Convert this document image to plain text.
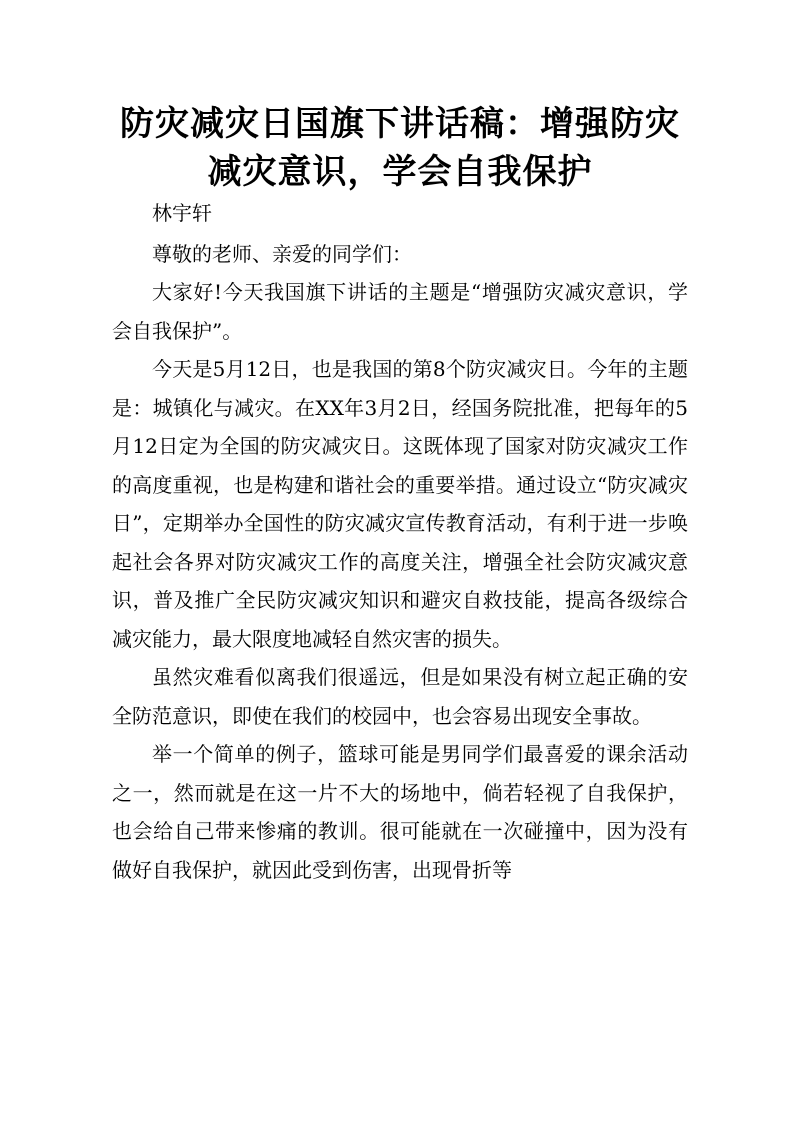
防灾减灾日国旗下讲话稿：增强防灾减灾意识，学会自我保护

林宇轩

尊敬的老师、亲爱的同学们：

大家好!今天我国旗下讲话的主题是“增强防灾减灾意识，学会自我保护”。

今天是5月12日，也是我国的第8个防灾减灾日。今年的主题是：城镇化与减灾。在XX年3月2日，经国务院批准，把每年的5月12日定为全国的防灾减灾日。这既体现了国家对防灾减灾工作的高度重视，也是构建和谐社会的重要举措。通过设立“防灾减灾日”，定期举办全国性的防灾减灾宣传教育活动，有利于进一步唤起社会各界对防灾减灾工作的高度关注，增强全社会防灾减灾意识，普及推广全民防灾减灾知识和避灾自救技能，提高各级综合减灾能力，最大限度地减轻自然灾害的损失。

虽然灾难看似离我们很遥远，但是如果没有树立起正确的安全防范意识，即使在我们的校园中，也会容易出现安全事故。

举一个简单的例子，篮球可能是男同学们最喜爱的课余活动之一，然而就是在这一片不大的场地中，倘若轻视了自我保护，也会给自己带来惨痛的教训。很可能就在一次碰撞中，因为没有做好自我保护，就因此受到伤害，出现骨折等
